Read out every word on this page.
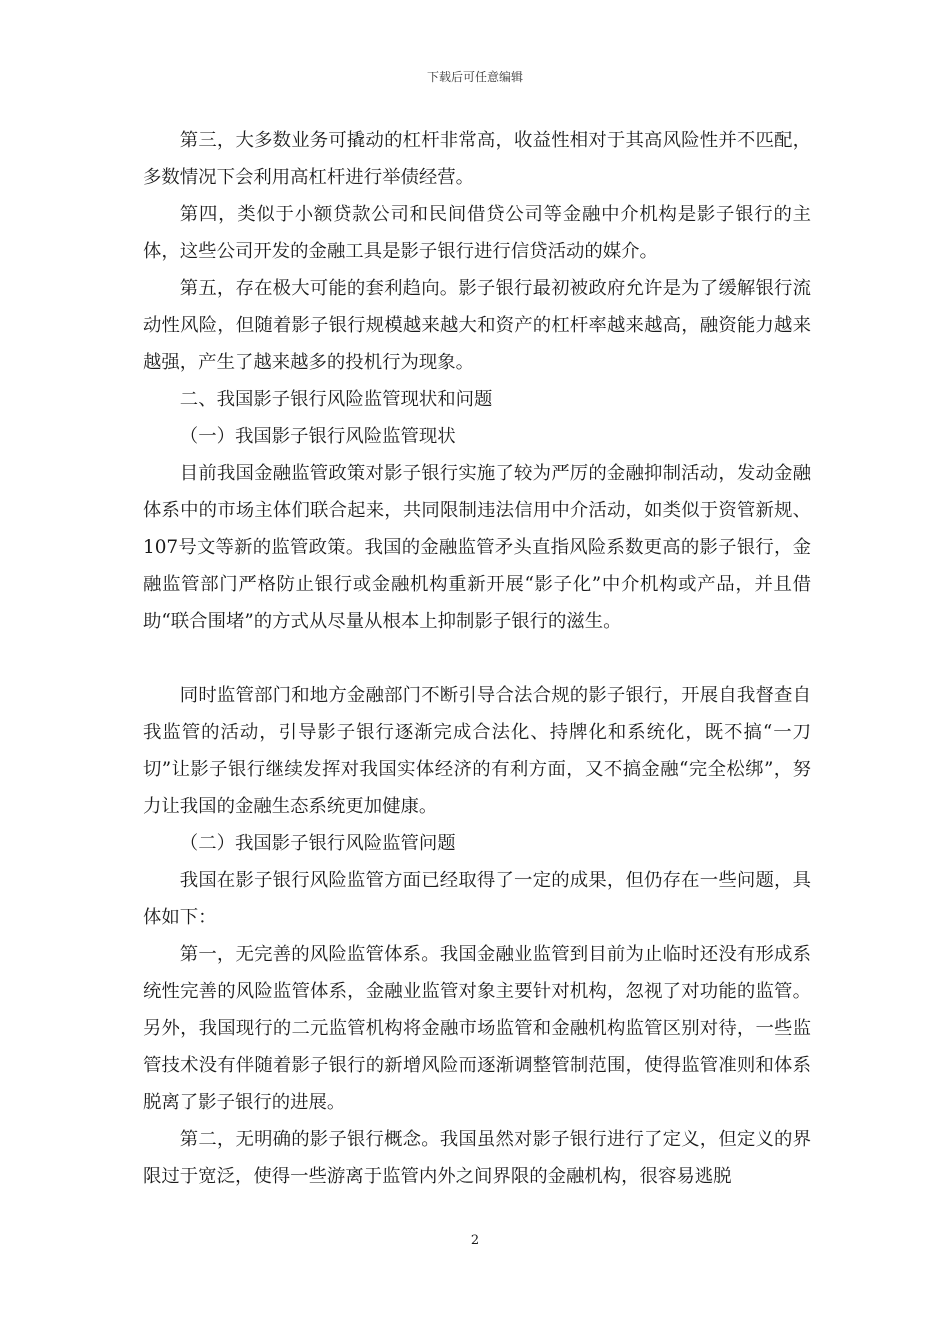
下载后可任意编辑

第三，大多数业务可撬动的杠杆非常高，收益性相对于其高风险性并不匹配，多数情况下会利用高杠杆进行举债经营。

第四，类似于小额贷款公司和民间借贷公司等金融中介机构是影子银行的主体，这些公司开发的金融工具是影子银行进行信贷活动的媒介。

第五，存在极大可能的套利趋向。影子银行最初被政府允许是为了缓解银行流动性风险，但随着影子银行规模越来越大和资产的杠杆率越来越高，融资能力越来越强，产生了越来越多的投机行为现象。

二、我国影子银行风险监管现状和问题

（一）我国影子银行风险监管现状

目前我国金融监管政策对影子银行实施了较为严厉的金融抑制活动，发动金融体系中的市场主体们联合起来，共同限制违法信用中介活动，如类似于资管新规、107号文等新的监管政策。我国的金融监管矛头直指风险系数更高的影子银行，金融监管部门严格防止银行或金融机构重新开展“影子化”中介机构或产品，并且借助“联合围堵”的方式从尽量从根本上抑制影子银行的滋生。

同时监管部门和地方金融部门不断引导合法合规的影子银行，开展自我督查自我监管的活动，引导影子银行逐渐完成合法化、持牌化和系统化，既不搞“一刀切”让影子银行继续发挥对我国实体经济的有利方面，又不搞金融“完全松绑”，努力让我国的金融生态系统更加健康。

（二）我国影子银行风险监管问题

我国在影子银行风险监管方面已经取得了一定的成果，但仍存在一些问题，具体如下：

第一，无完善的风险监管体系。我国金融业监管到目前为止临时还没有形成系统性完善的风险监管体系，金融业监管对象主要针对机构，忽视了对功能的监管。另外，我国现行的二元监管机构将金融市场监管和金融机构监管区别对待，一些监管技术没有伴随着影子银行的新增风险而逐渐调整管制范围，使得监管准则和体系脱离了影子银行的进展。

第二，无明确的影子银行概念。我国虽然对影子银行进行了定义，但定义的界限过于宽泛，使得一些游离于监管内外之间界限的金融机构，很容易逃脱

2
